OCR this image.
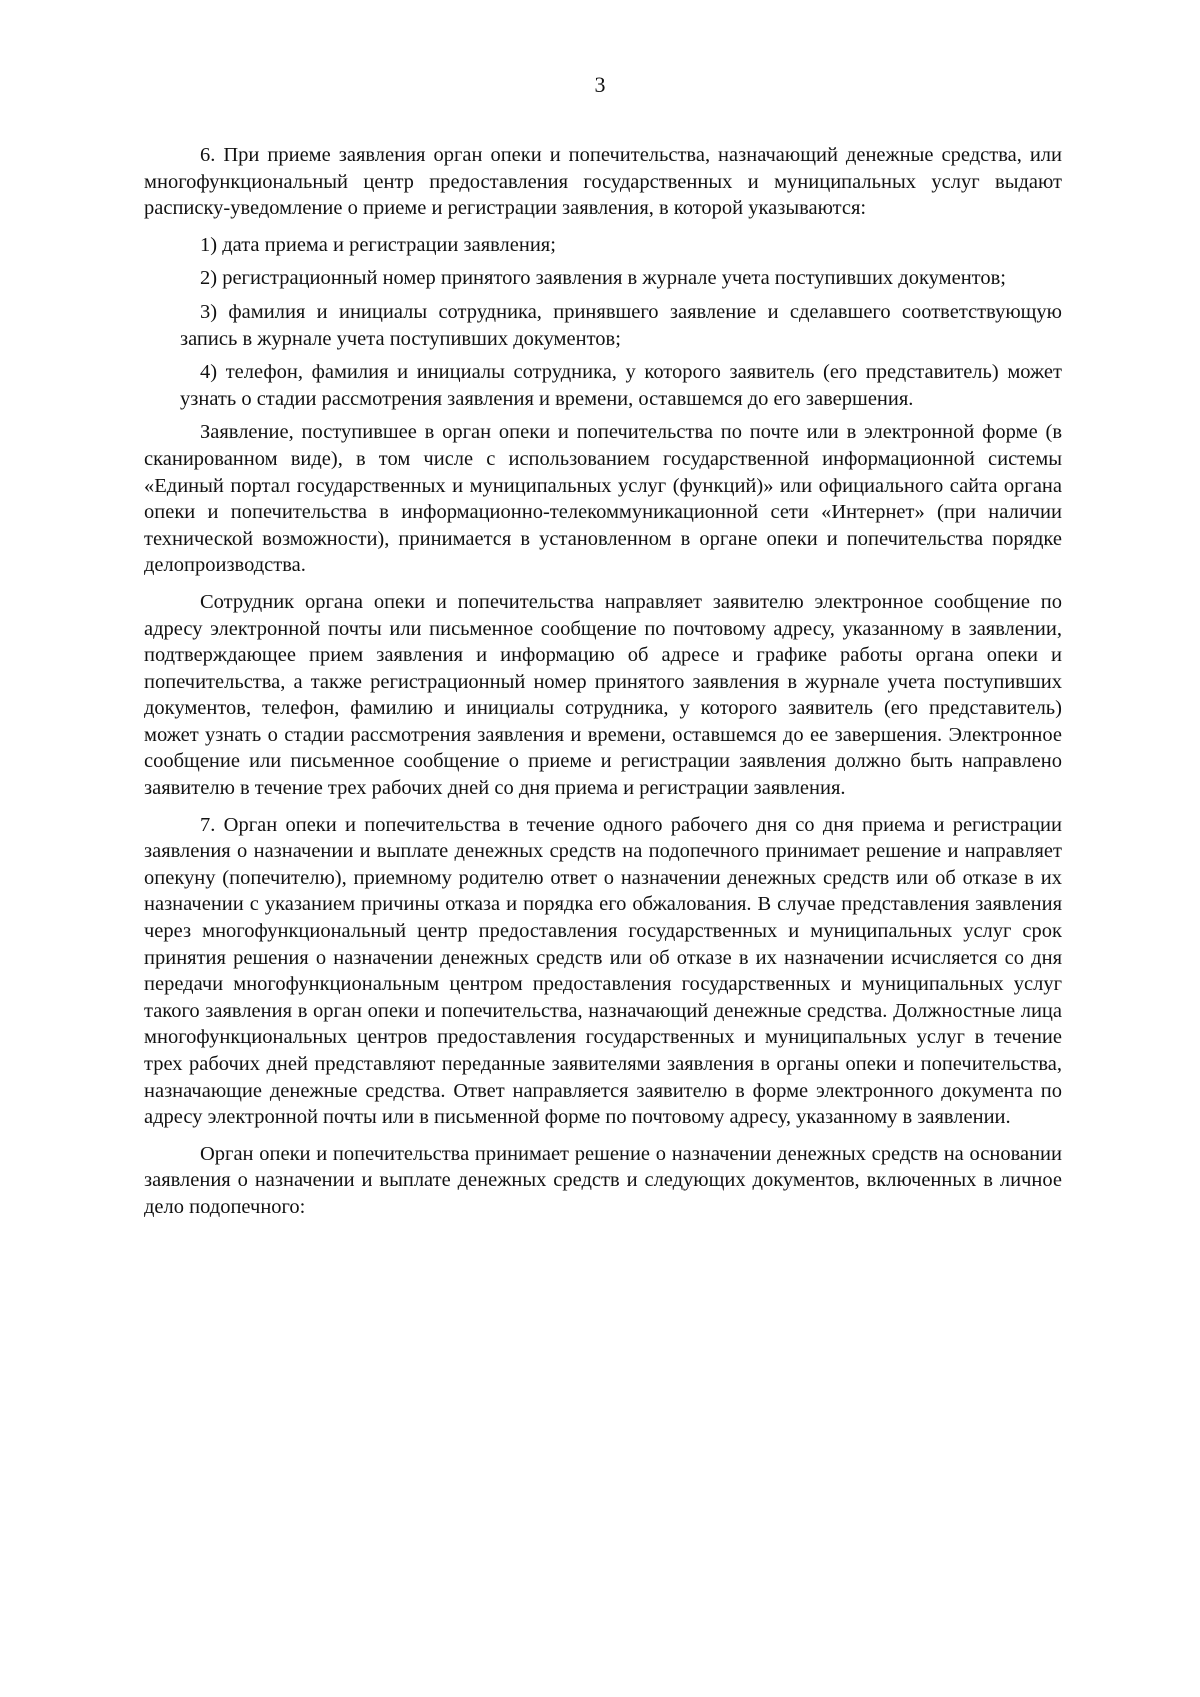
3

6. При приеме заявления орган опеки и попечительства, назначающий денежные средства, или многофункциональный центр предоставления государственных и муниципальных услуг выдают расписку-уведомление о приеме и регистрации заявления, в которой указываются:

1) дата приема и регистрации заявления;

2) регистрационный номер принятого заявления в журнале учета поступивших документов;

3) фамилия и инициалы сотрудника, принявшего заявление и сделавшего соответствующую запись в журнале учета поступивших документов;

4) телефон, фамилия и инициалы сотрудника, у которого заявитель (его представитель) может узнать о стадии рассмотрения заявления и времени, оставшемся до его завершения.

Заявление, поступившее в орган опеки и попечительства по почте или в электронной форме (в сканированном виде), в том числе с использованием государственной информационной системы «Единый портал государственных и муниципальных услуг (функций)» или официального сайта органа опеки и попечительства в информационно-телекоммуникационной сети «Интернет» (при наличии технической возможности), принимается в установленном в органе опеки и попечительства порядке делопроизводства.

Сотрудник органа опеки и попечительства направляет заявителю электронное сообщение по адресу электронной почты или письменное сообщение по почтовому адресу, указанному в заявлении, подтверждающее прием заявления и информацию об адресе и графике работы органа опеки и попечительства, а также регистрационный номер принятого заявления в журнале учета поступивших документов, телефон, фамилию и инициалы сотрудника, у которого заявитель (его представитель) может узнать о стадии рассмотрения заявления и времени, оставшемся до ее завершения. Электронное сообщение или письменное сообщение о приеме и регистрации заявления должно быть направлено заявителю в течение трех рабочих дней со дня приема и регистрации заявления.

7. Орган опеки и попечительства в течение одного рабочего дня со дня приема и регистрации заявления о назначении и выплате денежных средств на подопечного принимает решение и направляет опекуну (попечителю), приемному родителю ответ о назначении денежных средств или об отказе в их назначении с указанием причины отказа и порядка его обжалования. В случае представления заявления через многофункциональный центр предоставления государственных и муниципальных услуг срок принятия решения о назначении денежных средств или об отказе в их назначении исчисляется со дня передачи многофункциональным центром предоставления государственных и муниципальных услуг такого заявления в орган опеки и попечительства, назначающий денежные средства. Должностные лица многофункциональных центров предоставления государственных и муниципальных услуг в течение трех рабочих дней представляют переданные заявителями заявления в органы опеки и попечительства, назначающие денежные средства. Ответ направляется заявителю в форме электронного документа по адресу электронной почты или в письменной форме по почтовому адресу, указанному в заявлении.

Орган опеки и попечительства принимает решение о назначении денежных средств на основании заявления о назначении и выплате денежных средств и следующих документов, включенных в личное дело подопечного:
